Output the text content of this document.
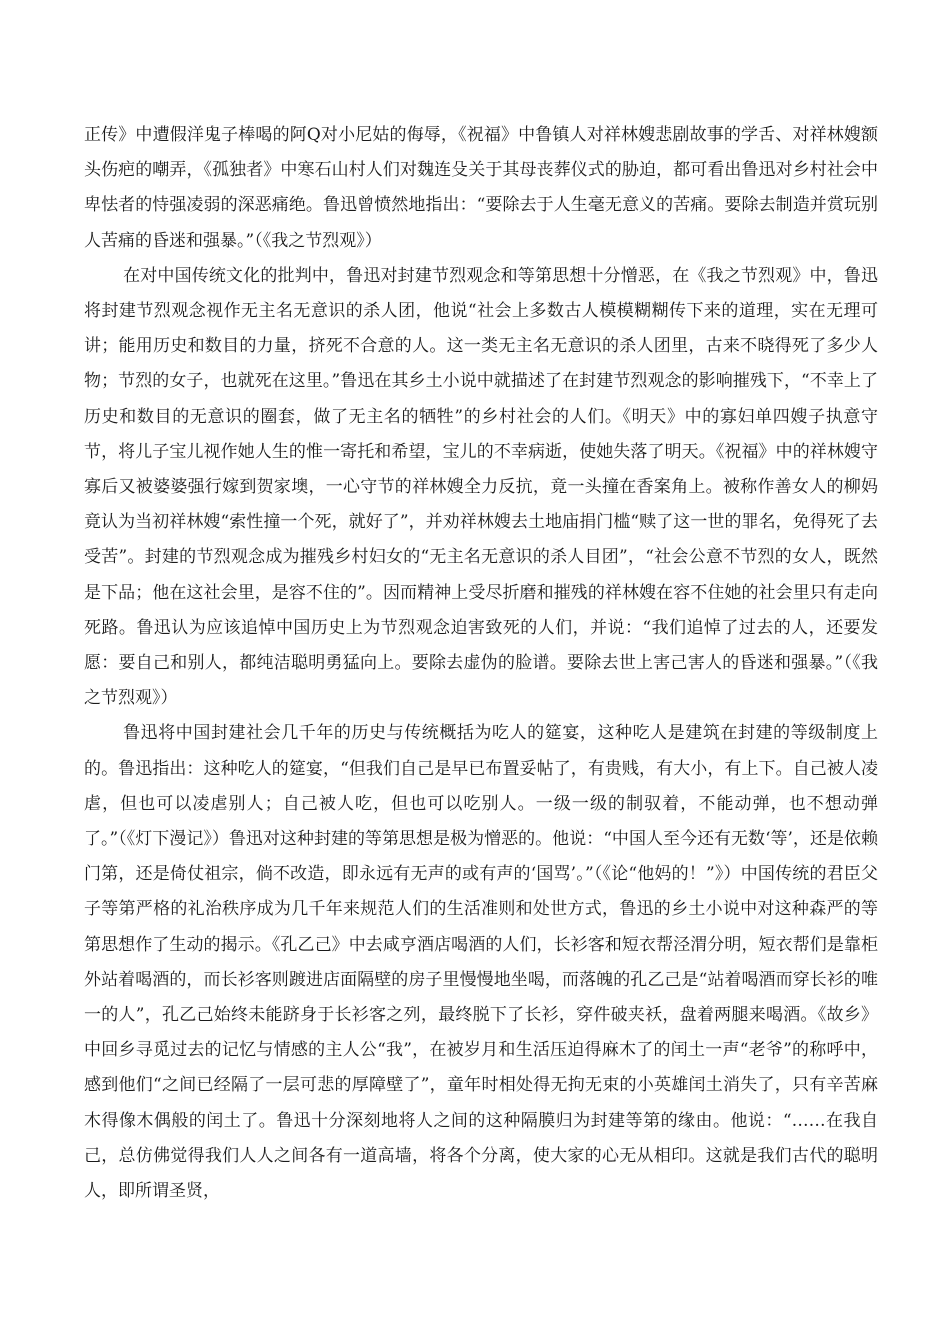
正传》中遭假洋鬼子棒喝的阿Q对小尼姑的侮辱，《祝福》中鲁镇人对祥林嫂悲剧故事的学舌、对祥林嫂额头伤疤的嘲弄，《孤独者》中寒石山村人们对魏连殳关于其母丧葬仪式的胁迫，都可看出鲁迅对乡村社会中卑怯者的恃强凌弱的深恶痛绝。鲁迅曾愤然地指出：“要除去于人生毫无意义的苦痛。要除去制造并赏玩别人苦痛的昏迷和强暴。”（《我之节烈观》）

在对中国传统文化的批判中，鲁迅对封建节烈观念和等第思想十分憎恶，在《我之节烈观》中，鲁迅将封建节烈观念视作无主名无意识的杀人团，他说“社会上多数古人模模糊糊传下来的道理，实在无理可讲；能用历史和数目的力量，挤死不合意的人。这一类无主名无意识的杀人团里，古来不晓得死了多少人物；节烈的女子，也就死在这里。”鲁迅在其乡土小说中就描述了在封建节烈观念的影响摧残下，“不幸上了历史和数目的无意识的圈套，做了无主名的牺牲”的乡村社会的人们。《明天》中的寡妇单四嫂子执意守节，将儿子宝儿视作她人生的惟一寄托和希望，宝儿的不幸病逝，使她失落了明天。《祝福》中的祥林嫂守寡后又被婆婆强行嫁到贺家墺，一心守节的祥林嫂全力反抗，竟一头撞在香案角上。被称作善女人的柳妈竟认为当初祥林嫂“索性撞一个死，就好了”，并劝祥林嫂去土地庙捐门槛“赎了这一世的罪名，免得死了去受苦”。封建的节烈观念成为摧残乡村妇女的“无主名无意识的杀人目团”，“社会公意不节烈的女人，既然是下品；他在这社会里，是容不住的”。因而精神上受尽折磨和摧残的祥林嫂在容不住她的社会里只有走向死路。鲁迅认为应该追悼中国历史上为节烈观念迫害致死的人们，并说：“我们追悼了过去的人，还要发愿：要自己和别人，都纯洁聪明勇猛向上。要除去虚伪的脸谱。要除去世上害己害人的昏迷和强暴。”（《我之节烈观》）

鲁迅将中国封建社会几千年的历史与传统概括为吃人的筵宴，这种吃人是建筑在封建的等级制度上的。鲁迅指出：这种吃人的筵宴，“但我们自己是早已布置妥帖了，有贵贱，有大小，有上下。自己被人凌虐，但也可以凌虐别人；自己被人吃，但也可以吃别人。一级一级的制驭着，不能动弹，也不想动弹了。”（《灯下漫记》）鲁迅对这种封建的等第思想是极为憎恶的。他说：“中国人至今还有无数‘等’，还是依赖门第，还是倚仗祖宗，倘不改造，即永远有无声的或有声的‘国骂’。”（《论“他妈的！”》）中国传统的君臣父子等第严格的礼治秩序成为几千年来规范人们的生活准则和处世方式，鲁迅的乡土小说中对这种森严的等第思想作了生动的揭示。《孔乙己》中去咸亨酒店喝酒的人们，长衫客和短衣帮泾渭分明，短衣帮们是靠柜外站着喝酒的，而长衫客则踱进店面隔壁的房子里慢慢地坐喝，而落魄的孔乙己是“站着喝酒而穿长衫的唯一的人”，孔乙己始终未能跻身于长衫客之列，最终脱下了长衫，穿件破夹袄，盘着两腿来喝酒。《故乡》中回乡寻觅过去的记忆与情感的主人公“我”，在被岁月和生活压迫得麻木了的闰土一声“老爷”的称呼中，感到他们“之间已经隔了一层可悲的厚障壁了”，童年时相处得无拘无束的小英雄闰土消失了，只有辛苦麻木得像木偶般的闰土了。鲁迅十分深刻地将人之间的这种隔膜归为封建等第的缘由。他说：“……在我自己，总仿佛觉得我们人人之间各有一道高墙，将各个分离，使大家的心无从相印。这就是我们古代的聪明人，即所谓圣贤，
